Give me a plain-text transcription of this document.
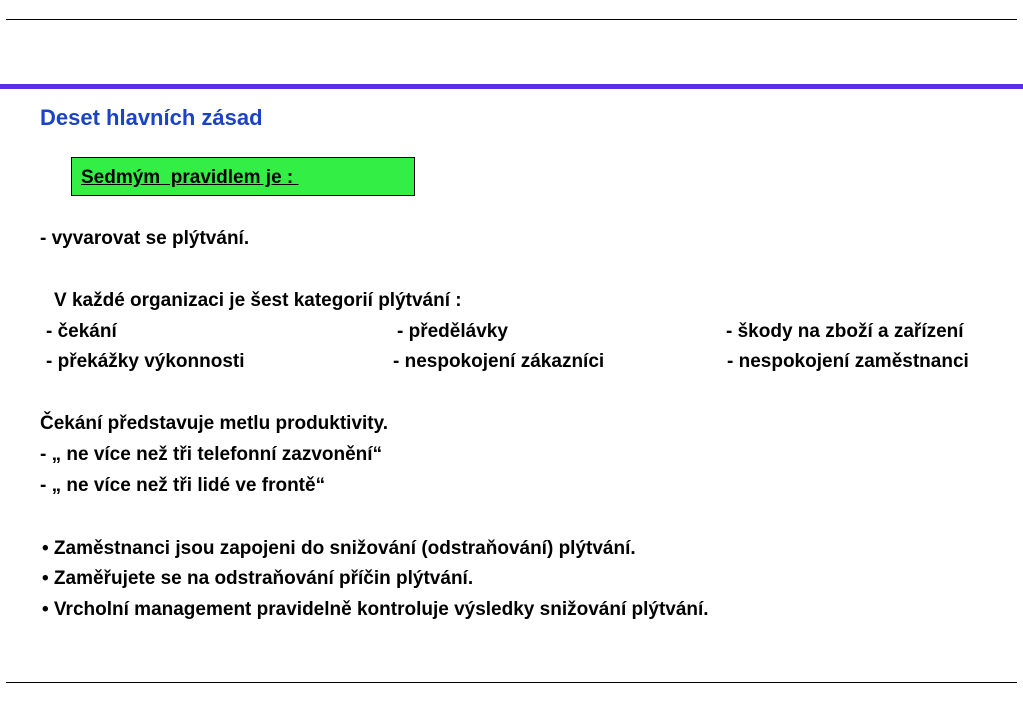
Deset hlavních zásad
Sedmým  pravidlem je :
- vyvarovat se plýtvání.
V každé organizaci je šest kategorií plýtvání :
- čekání	- předělávky	- škody na zboží a zařízení
- překážky výkonnosti	- nespokojení zákazníci	- nespokojení zaměstnanci
Čekání představuje metlu produktivity.
- „ ne více než tři telefonní zazvonění“
- „ ne více než tři lidé ve frontě“
• Zaměstnanci jsou zapojeni do snižování (odstraňování) plýtvání.
• Zaměřujete se na odstraňování příčin plýtvání.
• Vrcholní management pravidelně kontroluje výsledky snižování plýtvání.
